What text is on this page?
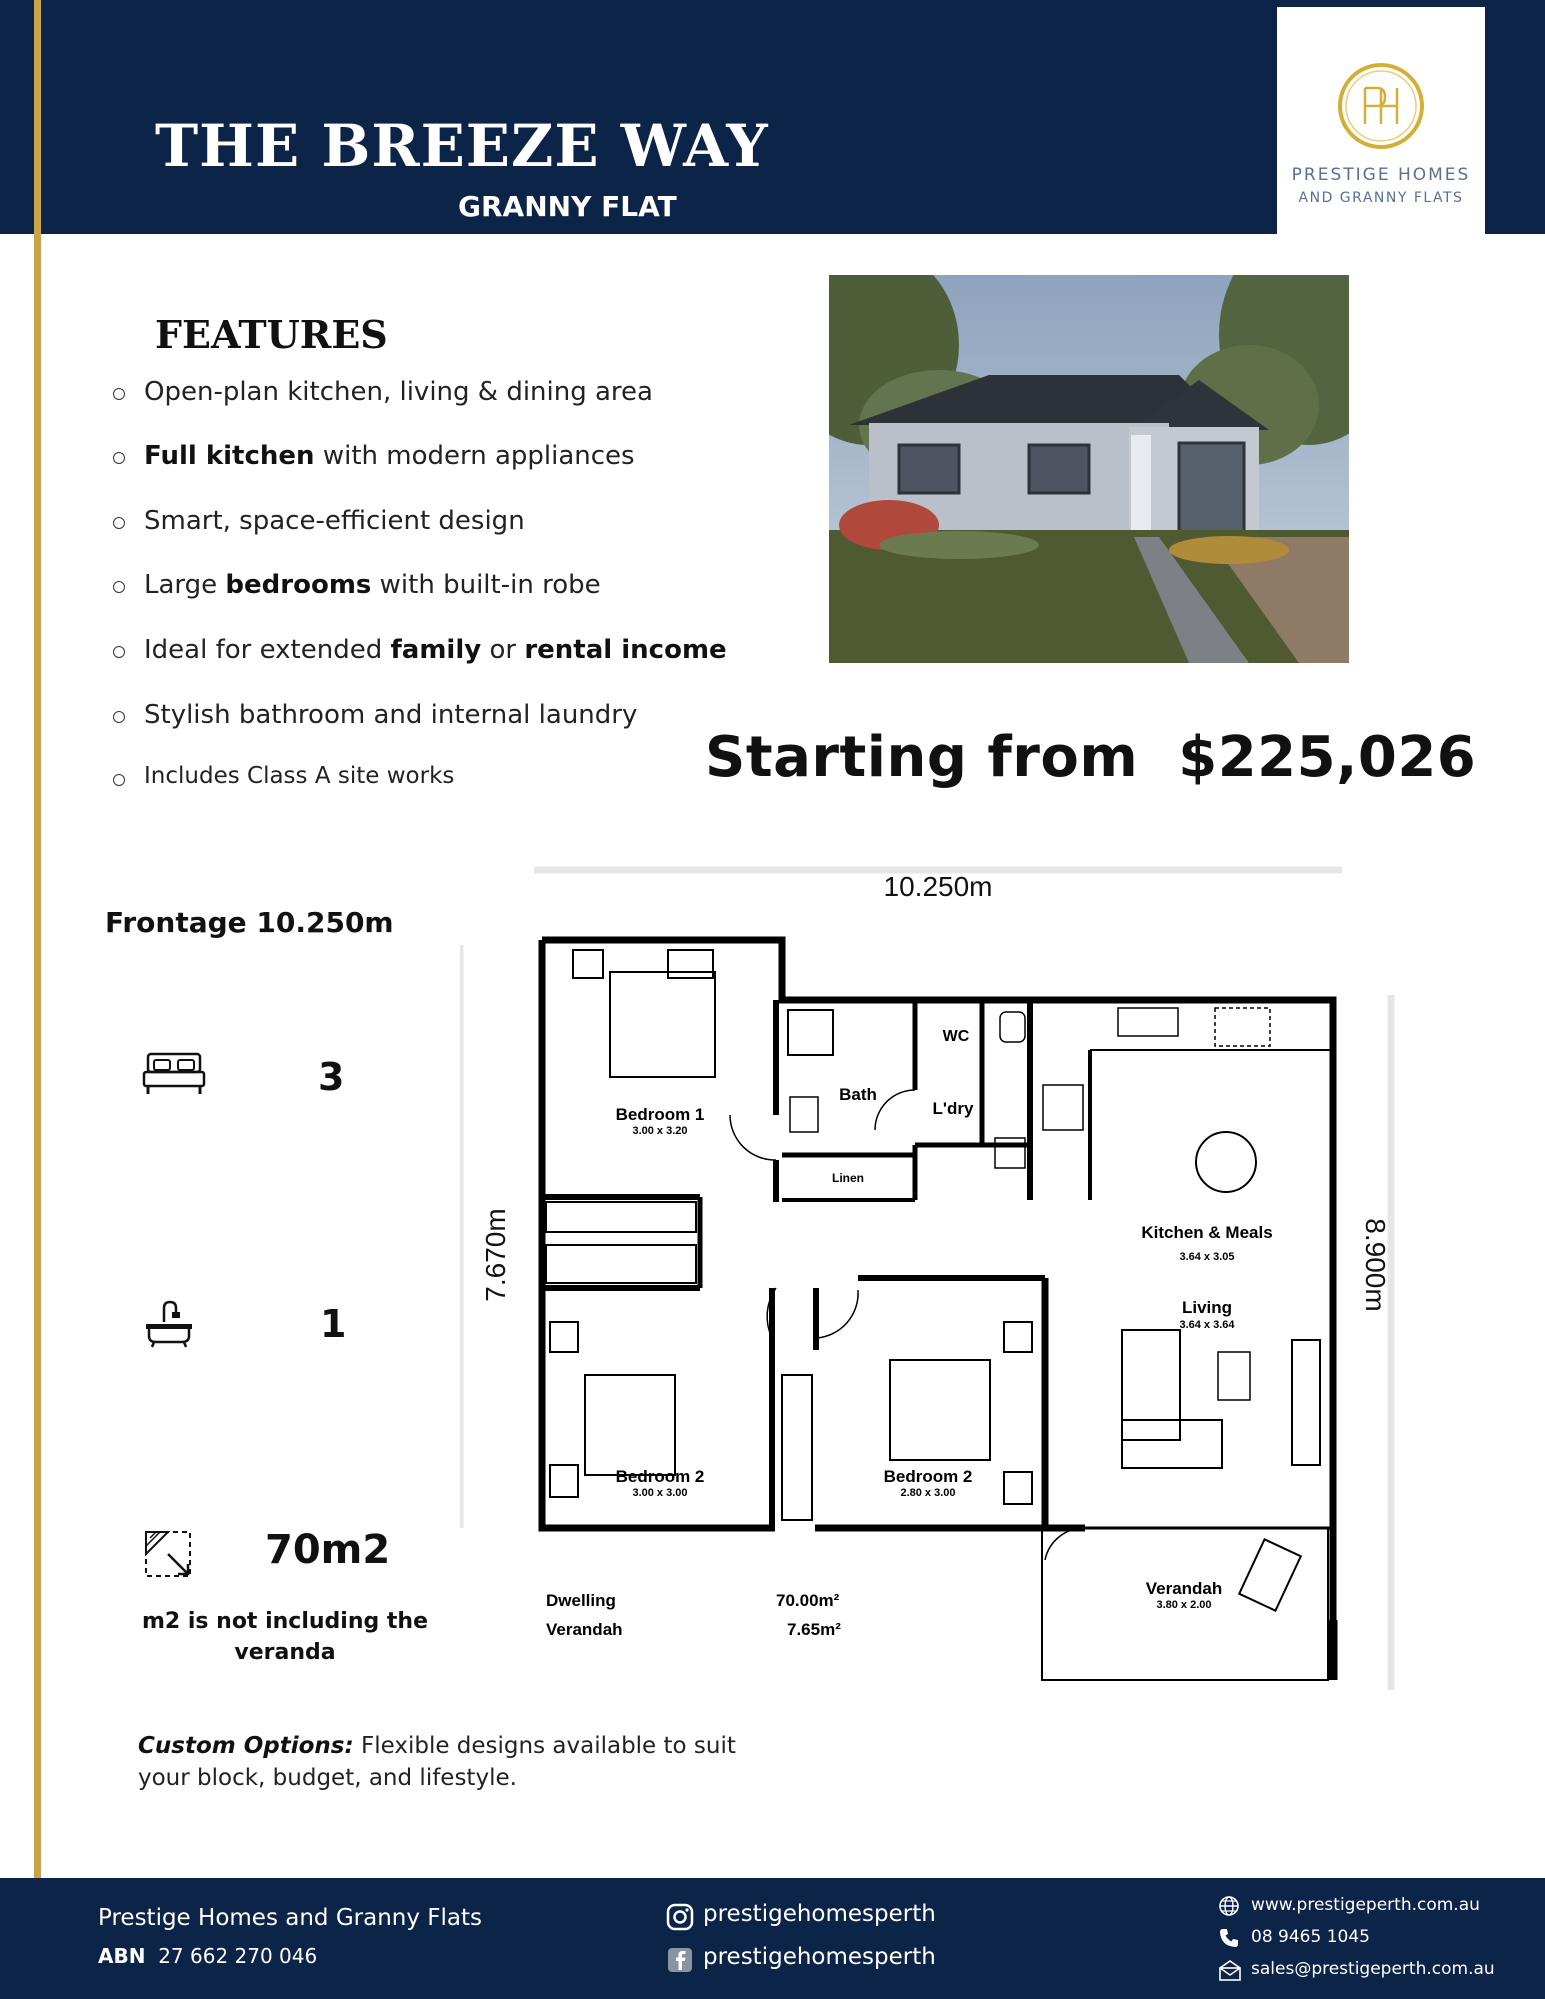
THE BREEZE WAY
GRANNY FLAT
PRESTIGE HOMES
AND GRANNY FLATS
FEATURES
Open-plan kitchen, living & dining area
Full kitchen with modern appliances
Smart, space-efficient design
Large bedrooms with built-in robe
Ideal for extended family or rental income
Stylish bathroom and internal laundry
Includes Class A site works	Starting from $225,026
Frontage 10.250m
3
1
70m2
m2 is not including the veranda
10.250m
7.670m	8.900m
Bedroom 1
3.00 x 3.20
Bath
WC
L'dry
Linen
Kitchen & Meals
3.64 x 3.05
Living
3.64 x 3.64
Bedroom 2
3.00 x 3.00
Bedroom 2
2.80 x 3.00
Verandah
3.80 x 2.00
Dwelling	70.00m²
Verandah	7.65m²
Custom Options: Flexible designs available to suit your block, budget, and lifestyle.
Prestige Homes and Granny Flats
ABN 27 662 270 046
prestigehomesperth
prestigehomesperth
www.prestigeperth.com.au
08 9465 1045
sales@prestigeperth.com.au
